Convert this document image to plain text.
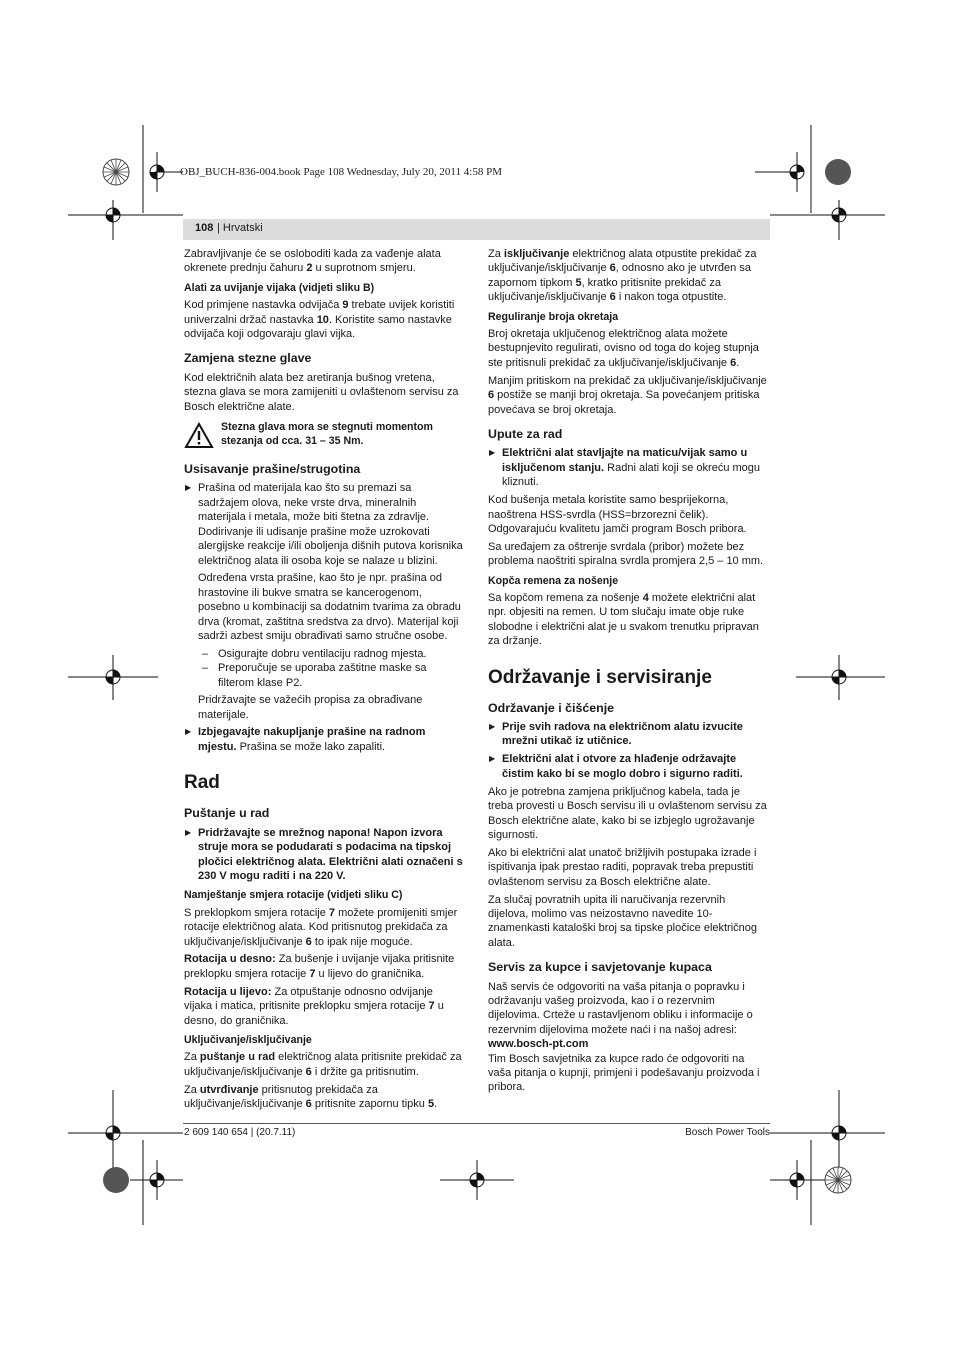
OBJ_BUCH-836-004.book Page 108 Wednesday, July 20, 2011 4:58 PM
108 | Hrvatski

Zabravljivanje će se osloboditi kada za vađenje alata okrenete prednju čahuru 2 u suprotnom smjeru.

Alati za uvijanje vijaka (vidjeti sliku B)

Kod primjene nastavka odvijača 9 trebate uvijek koristiti univerzalni držač nastavka 10. Koristite samo nastavke odvijača koji odgovaraju glavi vijka.

Zamjena stezne glave

Kod električnih alata bez aretiranja bušnog vretena, stezna glava se mora zamijeniti u ovlaštenom servisu za Bosch električne alate.

Stezna glava mora se stegnuti momentom stezanja od cca. 31 – 35 Nm.

Usisavanje prašine/strugotina

▶ Prašina od materijala kao što su premazi sa sadržajem olova, neke vrste drva, mineralnih materijala i metala, može biti štetna za zdravlje. Dodirivanje ili udisanje prašine može uzrokovati alergijske reakcije i/ili oboljenja dišnih putova korisnika električnog alata ili osoba koje se nalaze u blizini.

Određena vrsta prašine, kao što je npr. prašina od hrastovine ili bukve smatra se kancerogenom, posebno u kombinaciji sa dodatnim tvarima za obradu drva (kromat, zaštitna sredstva za drvo). Materijal koji sadrži azbest smiju obrađivati samo stručne osobe.

– Osigurajte dobru ventilaciju radnog mjesta.

– Preporučuje se uporaba zaštitne maske sa filterom klase P2.

Pridržavajte se važećih propisa za obrađivane materijale.

▶ Izbjegavajte nakupljanje prašine na radnom mjestu. Prašina se može lako zapaliti.

Rad

Puštanje u rad

▶ Pridržavajte se mrežnog napona! Napon izvora struje mora se podudarati s podacima na tipskoj pločici električnog alata. Električni alati označeni s 230 V mogu raditi i na 220 V.

Namještanje smjera rotacije (vidjeti sliku C)

S preklopkom smjera rotacije 7 možete promijeniti smjer rotacije električnog alata. Kod pritisnutog prekidača za uključivanje/isključivanje 6 to ipak nije moguće.

Rotacija u desno: Za bušenje i uvijanje vijaka pritisnite preklopku smjera rotacije 7 u lijevo do graničnika.

Rotacija u lijevo: Za otpuštanje odnosno odvijanje vijaka i matica, pritisnite preklopku smjera rotacije 7 u desno, do graničnika.

Uključivanje/isključivanje

Za puštanje u rad električnog alata pritisnite prekidač za uključivanje/isključivanje 6 i držite ga pritisnutim.

Za utvrđivanje pritisnutog prekidača za uključivanje/isključivanje 6 pritisnite zapornu tipku 5.

Za isključivanje električnog alata otpustite prekidač za uključivanje/isključivanje 6, odnosno ako je utvrđen sa zapornom tipkom 5, kratko pritisnite prekidač za uključivanje/isključivanje 6 i nakon toga otpustite.

Reguliranje broja okretaja

Broj okretaja uključenog električnog alata možete bestupnjevito regulirati, ovisno od toga do kojeg stupnja ste pritisnuli prekidač za uključivanje/isključivanje 6.

Manjim pritiskom na prekidač za uključivanje/isključivanje 6 postiže se manji broj okretaja. Sa povećanjem pritiska povećava se broj okretaja.

Upute za rad

▶ Električni alat stavljajte na maticu/vijak samo u isključenom stanju. Radni alati koji se okreću mogu kliznuti.

Kod bušenja metala koristite samo besprijekorna, naoštrena HSS-svrdla (HSS=brzorezni čelik). Odgovarajuću kvalitetu jamči program Bosch pribora.

Sa uređajem za oštrenje svrdala (pribor) možete bez problema naoštriti spiralna svrdla promjera 2,5 – 10 mm.

Kopča remena za nošenje

Sa kopčom remena za nošenje 4 možete električni alat npr. objesiti na remen. U tom slučaju imate obje ruke slobodne i električni alat je u svakom trenutku pripravan za držanje.

Održavanje i servisiranje

Održavanje i čišćenje

▶ Prije svih radova na električnom alatu izvucite mrežni utikač iz utičnice.

▶ Električni alat i otvore za hlađenje održavajte čistim kako bi se moglo dobro i sigurno raditi.

Ako je potrebna zamjena priključnog kabela, tada je treba provesti u Bosch servisu ili u ovlaštenom servisu za Bosch električne alate, kako bi se izbjeglo ugrožavanje sigurnosti.

Ako bi električni alat unatoč brižljivih postupaka izrade i ispitivanja ipak prestao raditi, popravak treba prepustiti ovlaštenom servisu za Bosch električne alate.

Za slučaj povratnih upita ili naručivanja rezervnih dijelova, molimo vas neizostavno navedite 10-znamenkasti kataloški broj sa tipske pločice električnog alata.

Servis za kupce i savjetovanje kupaca

Naš servis će odgovoriti na vaša pitanja o popravku i održavanju vašeg proizvoda, kao i o rezervnim dijelovima. Crteže u rastavljenom obliku i informacije o rezervnim dijelovima možete naći i na našoj adresi:

www.bosch-pt.com

Tim Bosch savjetnika za kupce rado će odgovoriti na vaša pitanja o kupnji, primjeni i podešavanju proizvoda i pribora.

2 609 140 654 | (20.7.11)	Bosch Power Tools
